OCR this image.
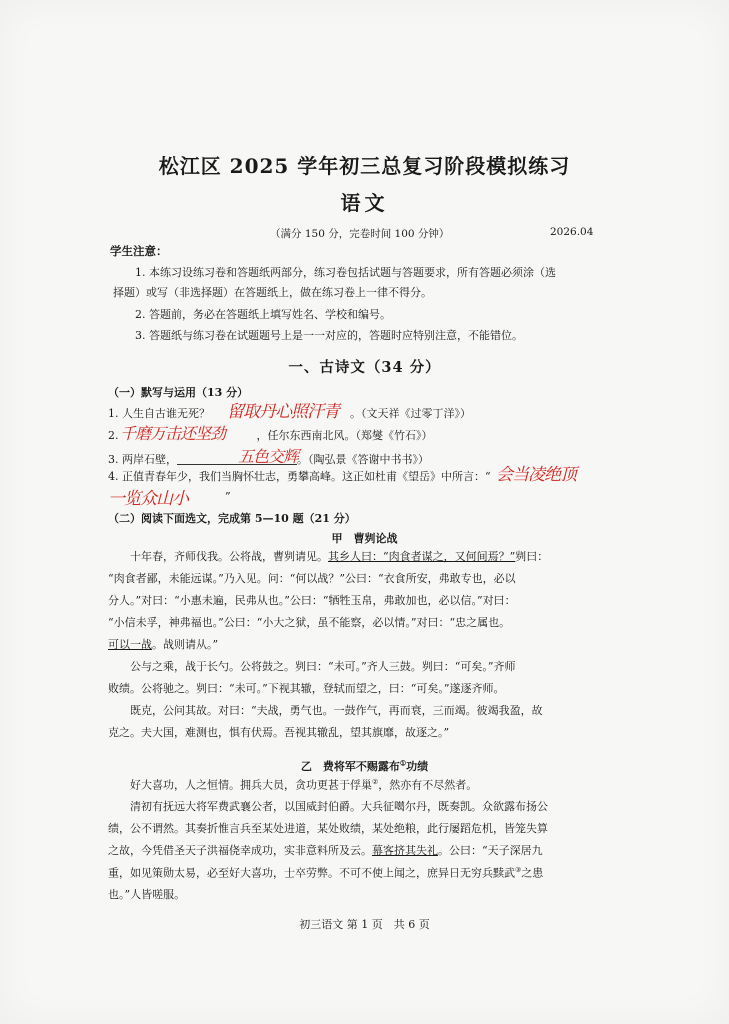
松江区 2025 学年初三总复习阶段模拟练习
语文
（满分 150 分，完卷时间 100 分钟）	2026.04
学生注意：
1. 本练习设练习卷和答题纸两部分，练习卷包括试题与答题要求，所有答题必须涂（选
择题）或写（非选择题）在答题纸上，做在练习卷上一律不得分。
2. 答题前，务必在答题纸上填写姓名、学校和编号。
3. 答题纸与练习卷在试题题号上是一一对应的，答题时应特别注意，不能错位。
一、古诗文（34 分）
（一）默写与运用（13 分）
1. 人生自古谁无死？	。（文天祥《过零丁洋》）
留取丹心照汗青
2.	，任尔东西南北风。（郑燮《竹石》）
千磨万击还坚劲
3. 两岸石壁，	。（陶弘景《答谢中书书》）
五色交辉
4. 正值青春年少，我们当胸怀壮志，勇攀高峰。这正如杜甫《望岳》中所言：“ 会当凌绝顶
一览众山小	”
（二）阅读下面选文，完成第 5—10 题（21 分）
甲　曹刿论战
十年春，齐师伐我。公将战，曹刿请见。其乡人曰：“肉食者谋之，又何间焉？”刿曰：
“肉食者鄙，未能远谋。”乃入见。问：“何以战？”公曰：“衣食所安，弗敢专也，必以
分人。”对曰：“小惠未遍，民弗从也。”公曰：“牺牲玉帛，弗敢加也，必以信。”对曰：
“小信未孚，神弗福也。”公曰：“小大之狱，虽不能察，必以情。”对曰：“忠之属也。
可以一战。战则请从。”
公与之乘，战于长勺。公将鼓之。刿曰：“未可。”齐人三鼓。刿曰：“可矣。”齐师
败绩。公将驰之。刿曰：“未可。”下视其辙，登轼而望之，曰：“可矣。”遂逐齐师。
既克，公问其故。对曰：“夫战，勇气也。一鼓作气，再而衰，三而竭。彼竭我盈，故
克之。夫大国，难测也，惧有伏焉。吾视其辙乱，望其旗靡，故逐之。”
乙　费将军不赐露布①功绩
好大喜功，人之恒情。拥兵大员，贪功更甚于俘巢②，然亦有不尽然者。
清初有抚远大将军费武襄公者，以国威封伯爵。大兵征噶尔丹，既奏凯。众欲露布扬公
绩，公不谓然。其奏折惟言兵至某处进道，某处败绩，某处绝粮，此行屡蹈危机，皆笼失算
之故，今凭借圣天子洪福侥幸成功，实非意料所及云。幕客挤其失礼。公曰：“天子深居九
重，如见策勋太易，必至好大喜功，士卒劳弊。不可不使上闻之，庶异日无穷兵黩武③之患
也。”人皆嗟服。
初三语文 第 1 页　共 6 页
